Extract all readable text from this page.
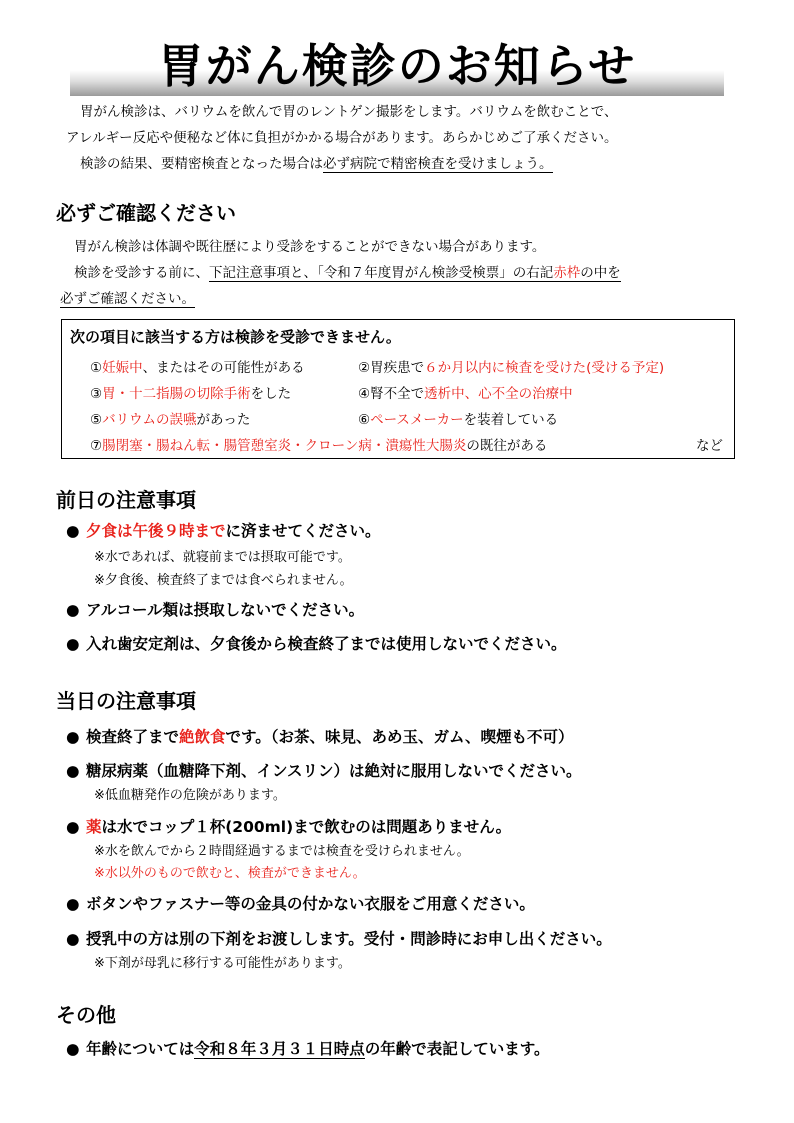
胃がん検診のお知らせ

胃がん検診は、バリウムを飲んで胃のレントゲン撮影をします。バリウムを飲むことで、

アレルギー反応や便秘など体に負担がかかる場合があります。あらかじめご了承ください。

検診の結果、要精密検査となった場合は必ず病院で精密検査を受けましょう。

必ずご確認ください

胃がん検診は体調や既往歴により受診をすることができない場合があります。

検診を受診する前に、下記注意事項と、「令和７年度胃がん検診受検票」の右記赤枠の中を

必ずご確認ください。

次の項目に該当する方は検診を受診できません。
①妊娠中、またはその可能性がある	②胃疾患で６か月以内に検査を受けた(受ける予定)
③胃・十二指腸の切除手術をした	④腎不全で透析中、心不全の治療中
⑤バリウムの誤嚥があった	⑥ペースメーカーを装着している
⑦腸閉塞・腸ねん転・腸管憩室炎・クローン病・潰瘍性大腸炎の既往がある	など
前日の注意事項
● 夕食は午後９時までに済ませてください。
※水であれば、就寝前までは摂取可能です。
※夕食後、検査終了までは食べられません。
● アルコール類は摂取しないでください。
● 入れ歯安定剤は、夕食後から検査終了までは使用しないでください。
当日の注意事項
● 検査終了まで絶飲食です。（お茶、味見、あめ玉、ガム、喫煙も不可）
● 糖尿病薬（血糖降下剤、インスリン）は絶対に服用しないでください。
※低血糖発作の危険があります。
● 薬は水でコップ１杯(200ml)まで飲むのは問題ありません。
※水を飲んでから２時間経過するまでは検査を受けられません。
※水以外のもので飲むと、検査ができません。
● ボタンやファスナー等の金具の付かない衣服をご用意ください。
● 授乳中の方は別の下剤をお渡しします。受付・問診時にお申し出ください。
※下剤が母乳に移行する可能性があります。
その他
● 年齢については令和８年３月３１日時点の年齢で表記しています。
